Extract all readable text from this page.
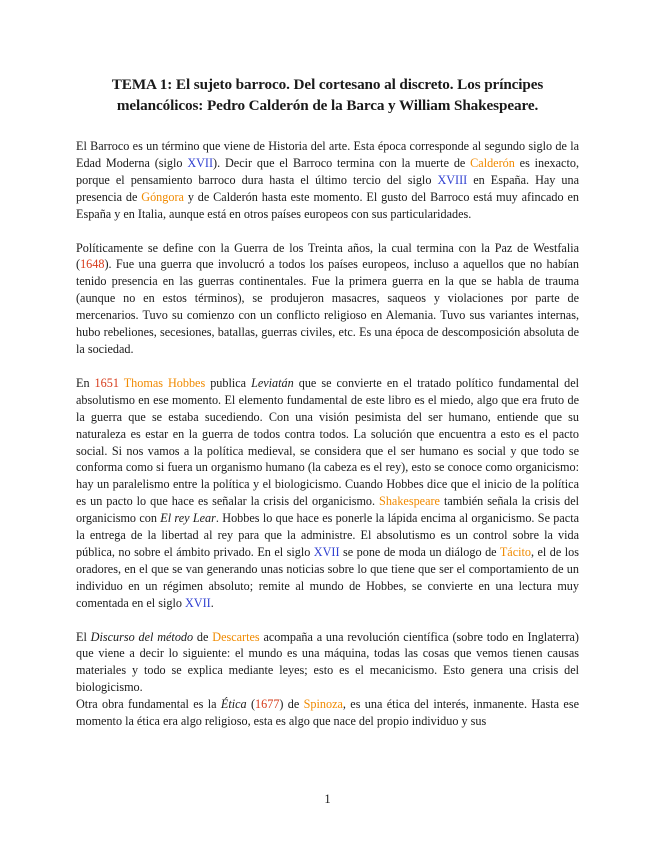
TEMA 1: El sujeto barroco. Del cortesano al discreto. Los príncipes melancólicos: Pedro Calderón de la Barca y William Shakespeare.

El Barroco es un término que viene de Historia del arte. Esta época corresponde al segundo siglo de la Edad Moderna (siglo XVII). Decir que el Barroco termina con la muerte de Calderón es inexacto, porque el pensamiento barroco dura hasta el último tercio del siglo XVIII en España. Hay una presencia de Góngora y de Calderón hasta este momento. El gusto del Barroco está muy afincado en España y en Italia, aunque está en otros países europeos con sus particularidades.

Políticamente se define con la Guerra de los Treinta años, la cual termina con la Paz de Westfalia (1648). Fue una guerra que involucró a todos los países europeos, incluso a aquellos que no habían tenido presencia en las guerras continentales. Fue la primera guerra en la que se habla de trauma (aunque no en estos términos), se produjeron masacres, saqueos y violaciones por parte de mercenarios. Tuvo su comienzo con un conflicto religioso en Alemania. Tuvo sus variantes internas, hubo rebeliones, secesiones, batallas, guerras civiles, etc. Es una época de descomposición absoluta de la sociedad.

En 1651 Thomas Hobbes publica Leviatán que se convierte en el tratado político fundamental del absolutismo en ese momento. El elemento fundamental de este libro es el miedo, algo que era fruto de la guerra que se estaba sucediendo. Con una visión pesimista del ser humano, entiende que su naturaleza es estar en la guerra de todos contra todos. La solución que encuentra a esto es el pacto social. Si nos vamos a la política medieval, se considera que el ser humano es social y que todo se conforma como si fuera un organismo humano (la cabeza es el rey), esto se conoce como organicismo: hay un paralelismo entre la política y el biologicismo. Cuando Hobbes dice que el inicio de la política es un pacto lo que hace es señalar la crisis del organicismo. Shakespeare también señala la crisis del organicismo con El rey Lear. Hobbes lo que hace es ponerle la lápida encima al organicismo. Se pacta la entrega de la libertad al rey para que la administre. El absolutismo es un control sobre la vida pública, no sobre el ámbito privado. En el siglo XVII se pone de moda un diálogo de Tácito, el de los oradores, en el que se van generando unas noticias sobre lo que tiene que ser el comportamiento de un individuo en un régimen absoluto; remite al mundo de Hobbes, se convierte en una lectura muy comentada en el siglo XVII.

El Discurso del método de Descartes acompaña a una revolución científica (sobre todo en Inglaterra) que viene a decir lo siguiente: el mundo es una máquina, todas las cosas que vemos tienen causas materiales y todo se explica mediante leyes; esto es el mecanicismo. Esto genera una crisis del biologicismo.

Otra obra fundamental es la Ética (1677) de Spinoza, es una ética del interés, inmanente. Hasta ese momento la ética era algo religioso, esta es algo que nace del propio individuo y sus

1
